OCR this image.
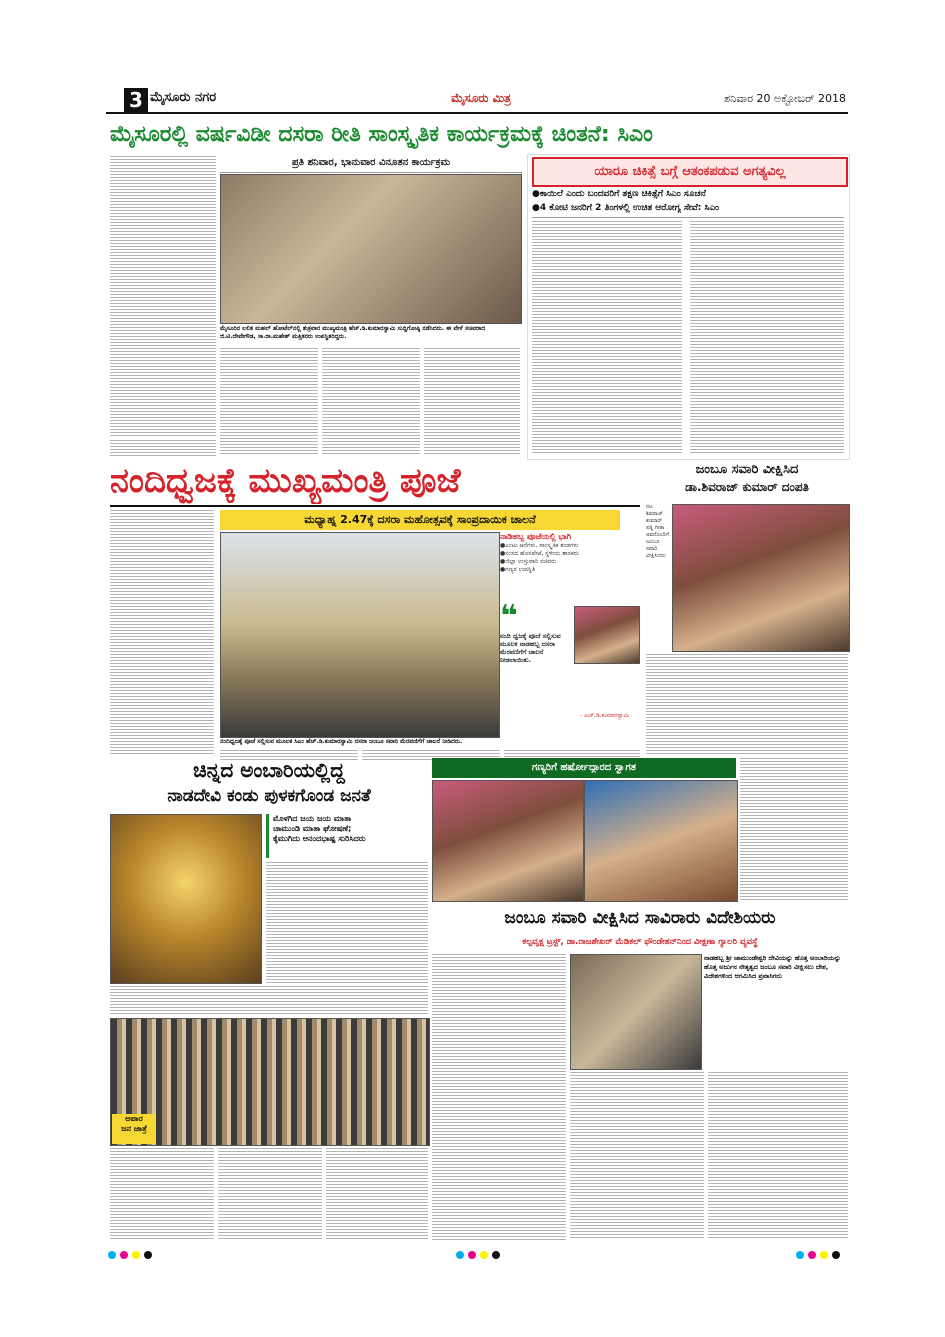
3 ಮೈಸೂರು ನಗರ	ಮೈಸೂರು ಮಿತ್ರ	ಶನಿವಾರ 20 ಅಕ್ಟೋಬರ್ 2018
ಮೈಸೂರಲ್ಲಿ ವರ್ಷವಿಡೀ ದಸರಾ ರೀತಿ ಸಾಂಸ್ಕೃತಿಕ ಕಾರ್ಯಕ್ರಮಕ್ಕೆ ಚಿಂತನೆ: ಸಿಎಂ
ಪ್ರತಿ ಶನಿವಾರ, ಭಾನುವಾರ ವಿನೂತನ ಕಾರ್ಯಕ್ರಮ
ಮೈಸೂರಿನ ಲಲಿತ ಮಹಲ್ ಹೋಟೆಲ್‌ನಲ್ಲಿ ಶುಕ್ರವಾರ ಮುಖ್ಯಮಂತ್ರಿ ಹೆಚ್.ಡಿ.ಕುಮಾರಸ್ವಾಮಿ ಸುದ್ದಿಗೋಷ್ಠಿ ನಡೆಸಿದರು. ಈ ವೇಳೆ ಸಚಿವರಾದ ಜಿ.ಟಿ.ದೇವೇಗೌಡ, ಸಾ.ರಾ.ಮಹೇಶ್ ಮತ್ತಿತರರು ಉಪಸ್ಥಿತರಿದ್ದರು.
ಯಾರೂ ಚಿಕಿತ್ಸೆ ಬಗ್ಗೆ ಆತಂಕಪಡುವ ಅಗತ್ಯವಿಲ್ಲ
●ಕಾಯಿಲೆ ಎಂದು ಬಂದವರಿಗೆ ತಕ್ಷಣ ಚಿಕಿತ್ಸೆಗೆ ಸಿಎಂ ಸೂಚನೆ
●4 ಕೋಟಿ ಜನರಿಗೆ 2 ತಿಂಗಳಲ್ಲಿ ಉಚಿತ ಆರೋಗ್ಯ ಸೇವೆ: ಸಿಎಂ
ನಂದಿಧ್ವಜಕ್ಕೆ ಮುಖ್ಯಮಂತ್ರಿ ಪೂಜೆ
ಮಧ್ಯಾಹ್ನ 2.47ಕ್ಕೆ ದಸರಾ ಮಹೋತ್ಸವಕ್ಕೆ ಸಾಂಪ್ರದಾಯಿಕ ಚಾಲನೆ
ನಾಡಿಹಬ್ಬ ಪೂಜೆಯಲ್ಲಿ ಭಾಗಿ
●ಎಂಟು ಆನೆಗಳು, ಸಾಂಸ್ಕೃತಿಕ ತಂಡಗಳು
●ಸಂಸದ ಹೊಸಪೇಟೆ, ಸ್ಥಳೀಯ ಶಾಸಕರು
●ಜಿಲ್ಲಾ ಉಸ್ತುವಾರಿ ಸಚಿವರು
●ಗಣ್ಯರ ಉಪಸ್ಥಿತಿ
❝
ನಂದಿ ಧ್ವಜಕ್ಕೆ ಪೂಜೆ ಸಲ್ಲಿಸುವ ಮೂಲಕ ನಾಡಹಬ್ಬ ದಸರಾ ಮೆರವಣಿಗೆಗೆ ಚಾಲನೆ ನೀಡಲಾಯಿತು.
- ಎಚ್.ಡಿ.ಕುಮಾರಸ್ವಾಮಿ
ನಂದಿಧ್ವಜಕ್ಕೆ ಪೂಜೆ ಸಲ್ಲಿಸುವ ಮೂಲಕ ಸಿಎಂ ಹೆಚ್.ಡಿ.ಕುಮಾರಸ್ವಾಮಿ ದಸರಾ ಜಂಬೂ ಸವಾರಿ ಮೆರವಣಿಗೆಗೆ ಚಾಲನೆ ನೀಡಿದರು.
ಜಂಬೂ ಸವಾರಿ ವೀಕ್ಷಿಸಿದ
ಡಾ.ಶಿವರಾಜ್ ಕುಮಾರ್ ದಂಪತಿ
ನಟ ಶಿವರಾಜ್ ಕುಮಾರ್ ಪತ್ನಿ ಗೀತಾ ಅವರೊಂದಿಗೆ ಜಂಬೂ ಸವಾರಿ ವೀಕ್ಷಿಸಿದರು
ಚಿನ್ನದ ಅಂಬಾರಿಯಲ್ಲಿದ್ದ
ನಾಡದೇವಿ ಕಂಡು ಪುಳಕಗೊಂಡ ಜನತೆ
ಮೊಳಗಿದ ಜಯ ಜಯ ಮಾತಾ
ಚಾಮುಂಡಿ ಮಾತಾ ಘೋಷಣೆ;
ಕೈಮುಗಿದು ಆನಂದಭಾಷ್ಪ ಸುರಿಸಿದರು
ಅಪಾರ
ಜನ ಜಾತ್ರೆ
ಗಣ್ಯರಿಗೆ ಹರ್ಷೋದ್ಗಾರದ ಸ್ವಾಗತ
ಜಂಬೂ ಸವಾರಿ ವೀಕ್ಷಿಸಿದ ಸಾವಿರಾರು ವಿದೇಶಿಯರು
ಕಲ್ಪವೃಕ್ಷ ಟ್ರಸ್ಟ್, ಡಾ.ರಾಜಶೇಖರ್ ಮೆಡಿಕಲ್ ಫೌಂಡೇಶನ್‌ನಿಂದ ವೀಕ್ಷಣಾ ಗ್ಯಾಲರಿ ವ್ಯವಸ್ಥೆ
ನಾಡಹಬ್ಬ ಶ್ರೀ ಚಾಮುಂಡೇಶ್ವರಿ ದೇವಿಯನ್ನು ಹೊತ್ತ ಅಂಬಾರಿಯನ್ನು ಹೊತ್ತ ಅರ್ಜುನ ನೇತೃತ್ವದ ಜಂಬೂ ಸವಾರಿ ವೀಕ್ಷಿಸಲು ದೇಶ, ವಿದೇಶಗಳಿಂದ ಆಗಮಿಸಿದ ಪ್ರವಾಸಿಗರು
